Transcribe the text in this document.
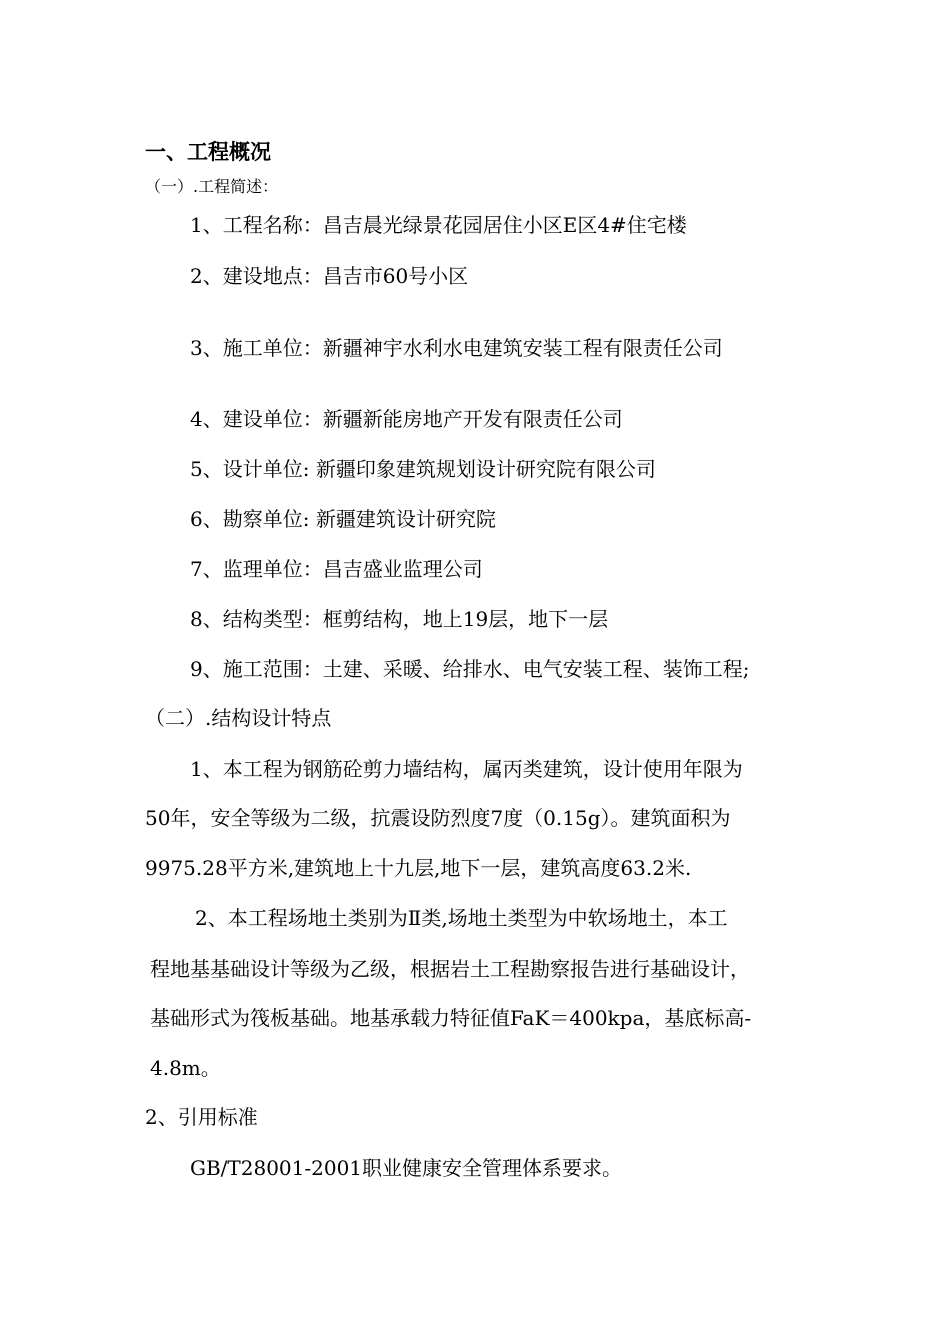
一、工程概况
（一）.工程简述：
1、工程名称：昌吉晨光绿景花园居住小区E区4#住宅楼
2、建设地点：昌吉市60号小区
3、施工单位：新疆神宇水利水电建筑安装工程有限责任公司
4、建设单位：新疆新能房地产开发有限责任公司
5、设计单位: 新疆印象建筑规划设计研究院有限公司
6、勘察单位: 新疆建筑设计研究院
7、监理单位：昌吉盛业监理公司
8、结构类型：框剪结构，地上19层，地下一层
9、施工范围：土建、采暖、给排水、电气安装工程、装饰工程;
（二）.结构设计特点
1、本工程为钢筋砼剪力墙结构，属丙类建筑，设计使用年限为
50年，安全等级为二级，抗震设防烈度7度（0.15g）。建筑面积为
9975.28平方米,建筑地上十九层,地下一层，建筑高度63.2米.
2、本工程场地土类别为Ⅱ类,场地土类型为中软场地土，本工
程地基基础设计等级为乙级，根据岩土工程勘察报告进行基础设计，
基础形式为筏板基础。地基承载力特征值FaK＝400kpa，基底标高-
4.8m。
2、引用标准
GB/T28001-2001职业健康安全管理体系要求。
